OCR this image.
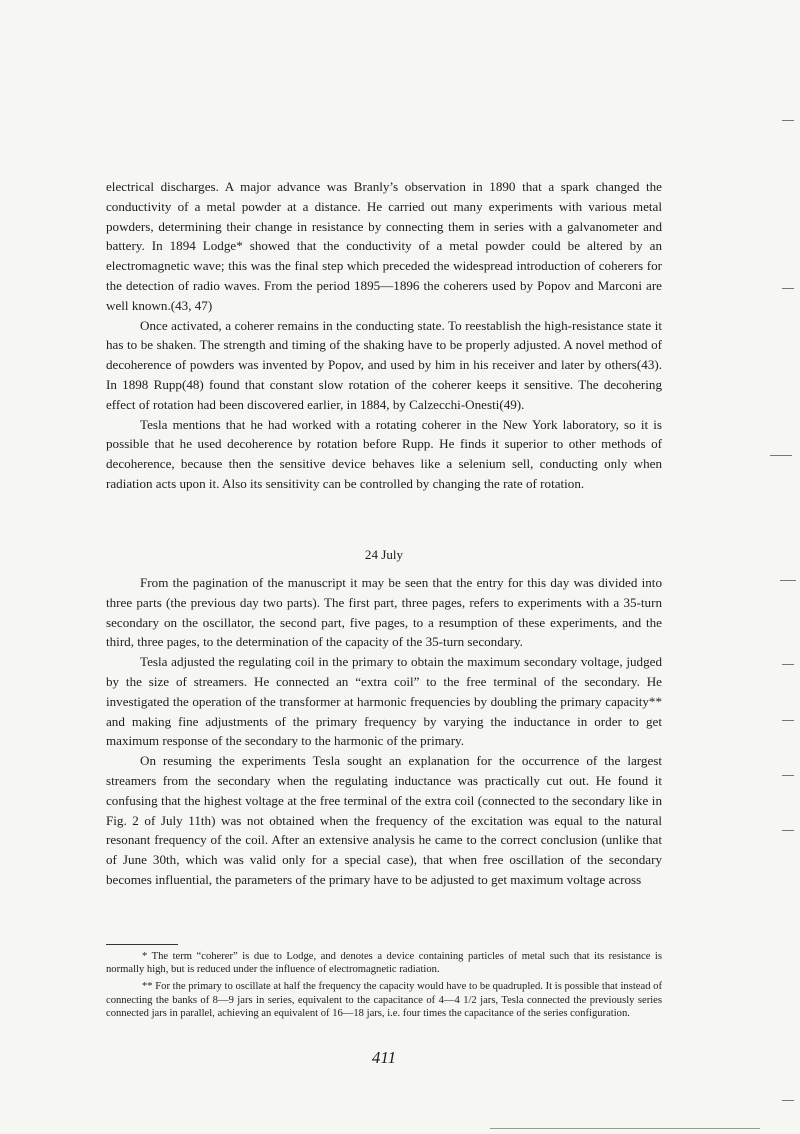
electrical discharges. A major advance was Branly’s observation in 1890 that a spark changed the conductivity of a metal powder at a distance. He carried out many experiments with various metal powders, determining their change in resistance by connecting them in series with a galvanometer and battery. In 1894 Lodge* showed that the conductivity of a metal powder could be altered by an electromagnetic wave; this was the final step which preceded the widespread introduction of coherers for the detection of radio waves. From the period 1895—1896 the coherers used by Popov and Marconi are well known.(43, 47)

Once activated, a coherer remains in the conducting state. To reestablish the high-resistance state it has to be shaken. The strength and timing of the shaking have to be properly adjusted. A novel method of decoherence of powders was invented by Popov, and used by him in his receiver and later by others(43). In 1898 Rupp(48) found that constant slow rotation of the coherer keeps it sensitive. The decohering effect of rotation had been discovered earlier, in 1884, by Calzecchi-Onesti(49).

Tesla mentions that he had worked with a rotating coherer in the New York laboratory, so it is possible that he used decoherence by rotation before Rupp. He finds it superior to other methods of decoherence, because then the sensitive device behaves like a selenium sell, conducting only when radiation acts upon it. Also its sensitivity can be controlled by changing the rate of rotation.

24 July

From the pagination of the manuscript it may be seen that the entry for this day was divided into three parts (the previous day two parts). The first part, three pages, refers to experiments with a 35-turn secondary on the oscillator, the second part, five pages, to a resumption of these experiments, and the third, three pages, to the determination of the capacity of the 35-turn secondary.

Tesla adjusted the regulating coil in the primary to obtain the maximum secondary voltage, judged by the size of streamers. He connected an “extra coil” to the free terminal of the secondary. He investigated the operation of the transformer at harmonic frequencies by doubling the primary capacity** and making fine adjustments of the primary frequency by varying the inductance in order to get maximum response of the secondary to the harmonic of the primary.

On resuming the experiments Tesla sought an explanation for the occurrence of the largest streamers from the secondary when the regulating inductance was practically cut out. He found it confusing that the highest voltage at the free terminal of the extra coil (connected to the secondary like in Fig. 2 of July 11th) was not obtained when the frequency of the excitation was equal to the natural resonant frequency of the coil. After an extensive analysis he came to the correct conclusion (unlike that of June 30th, which was valid only for a special case), that when free oscillation of the secondary becomes influential, the parameters of the primary have to be adjusted to get maximum voltage across

* The term “coherer” is due to Lodge, and denotes a device containing particles of metal such that its resistance is normally high, but is reduced under the influence of electromagnetic radiation.

** For the primary to oscillate at half the frequency the capacity would have to be quadrupled. It is possible that instead of connecting the banks of 8—9 jars in series, equivalent to the capacitance of 4—4 1/2 jars, Tesla connected the previously series connected jars in parallel, achieving an equivalent of 16—18 jars, i.e. four times the capacitance of the series configuration.

411
